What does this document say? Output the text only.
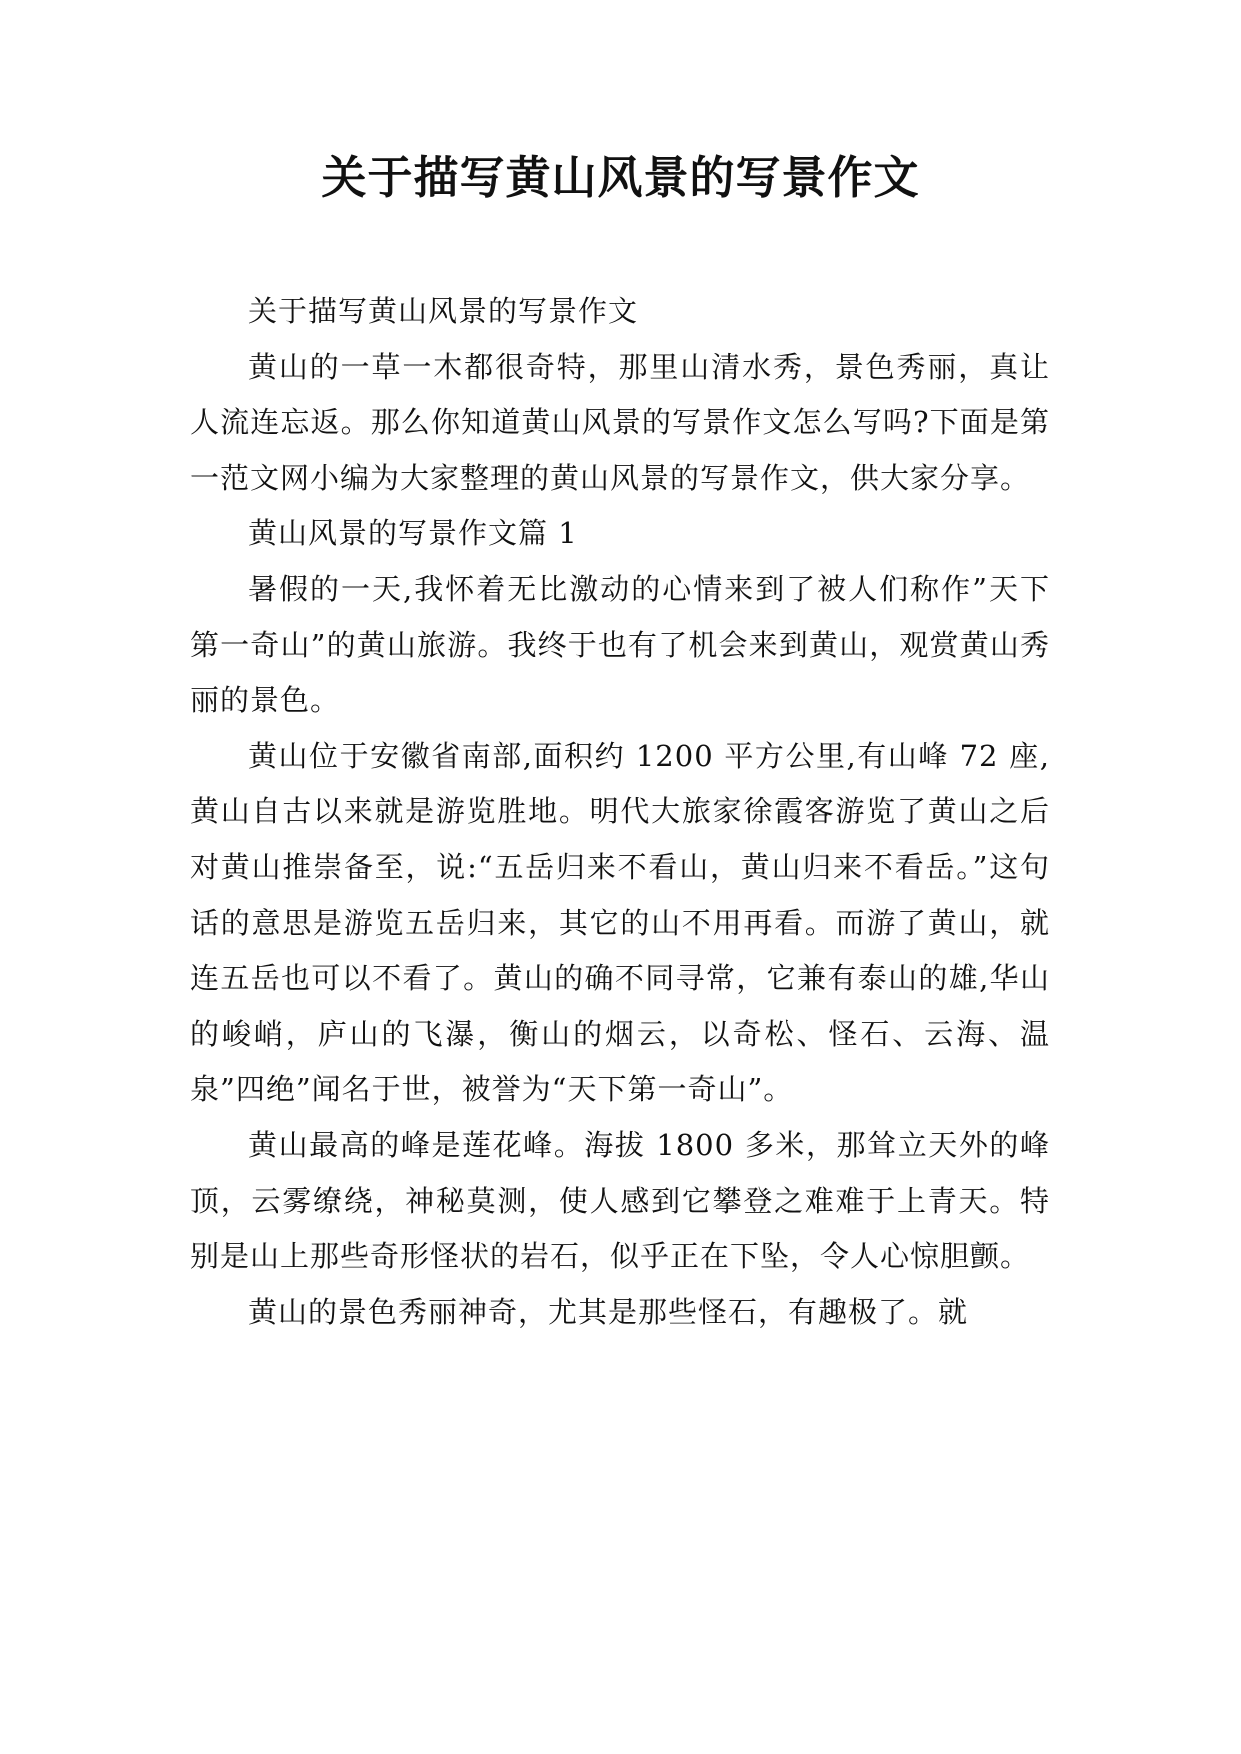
关于描写黄山风景的写景作文

关于描写黄山风景的写景作文

黄山的一草一木都很奇特，那里山清水秀，景色秀丽，真让人流连忘返。那么你知道黄山风景的写景作文怎么写吗?下面是第一范文网小编为大家整理的黄山风景的写景作文，供大家分享。

黄山风景的写景作文篇 1

暑假的一天,我怀着无比激动的心情来到了被人们称作”天下第一奇山”的黄山旅游。我终于也有了机会来到黄山，观赏黄山秀丽的景色。

黄山位于安徽省南部,面积约 1200 平方公里,有山峰 72 座,黄山自古以来就是游览胜地。明代大旅家徐霞客游览了黄山之后对黄山推崇备至，说:“五岳归来不看山，黄山归来不看岳。”这句话的意思是游览五岳归来，其它的山不用再看。而游了黄山，就连五岳也可以不看了。黄山的确不同寻常，它兼有泰山的雄,华山的峻峭，庐山的飞瀑，衡山的烟云，以奇松、怪石、云海、温泉”四绝”闻名于世，被誉为“天下第一奇山”。

黄山最高的峰是莲花峰。海拔 1800 多米，那耸立天外的峰顶，云雾缭绕，神秘莫测，使人感到它攀登之难难于上青天。特别是山上那些奇形怪状的岩石，似乎正在下坠，令人心惊胆颤。

黄山的景色秀丽神奇，尤其是那些怪石，有趣极了。就
